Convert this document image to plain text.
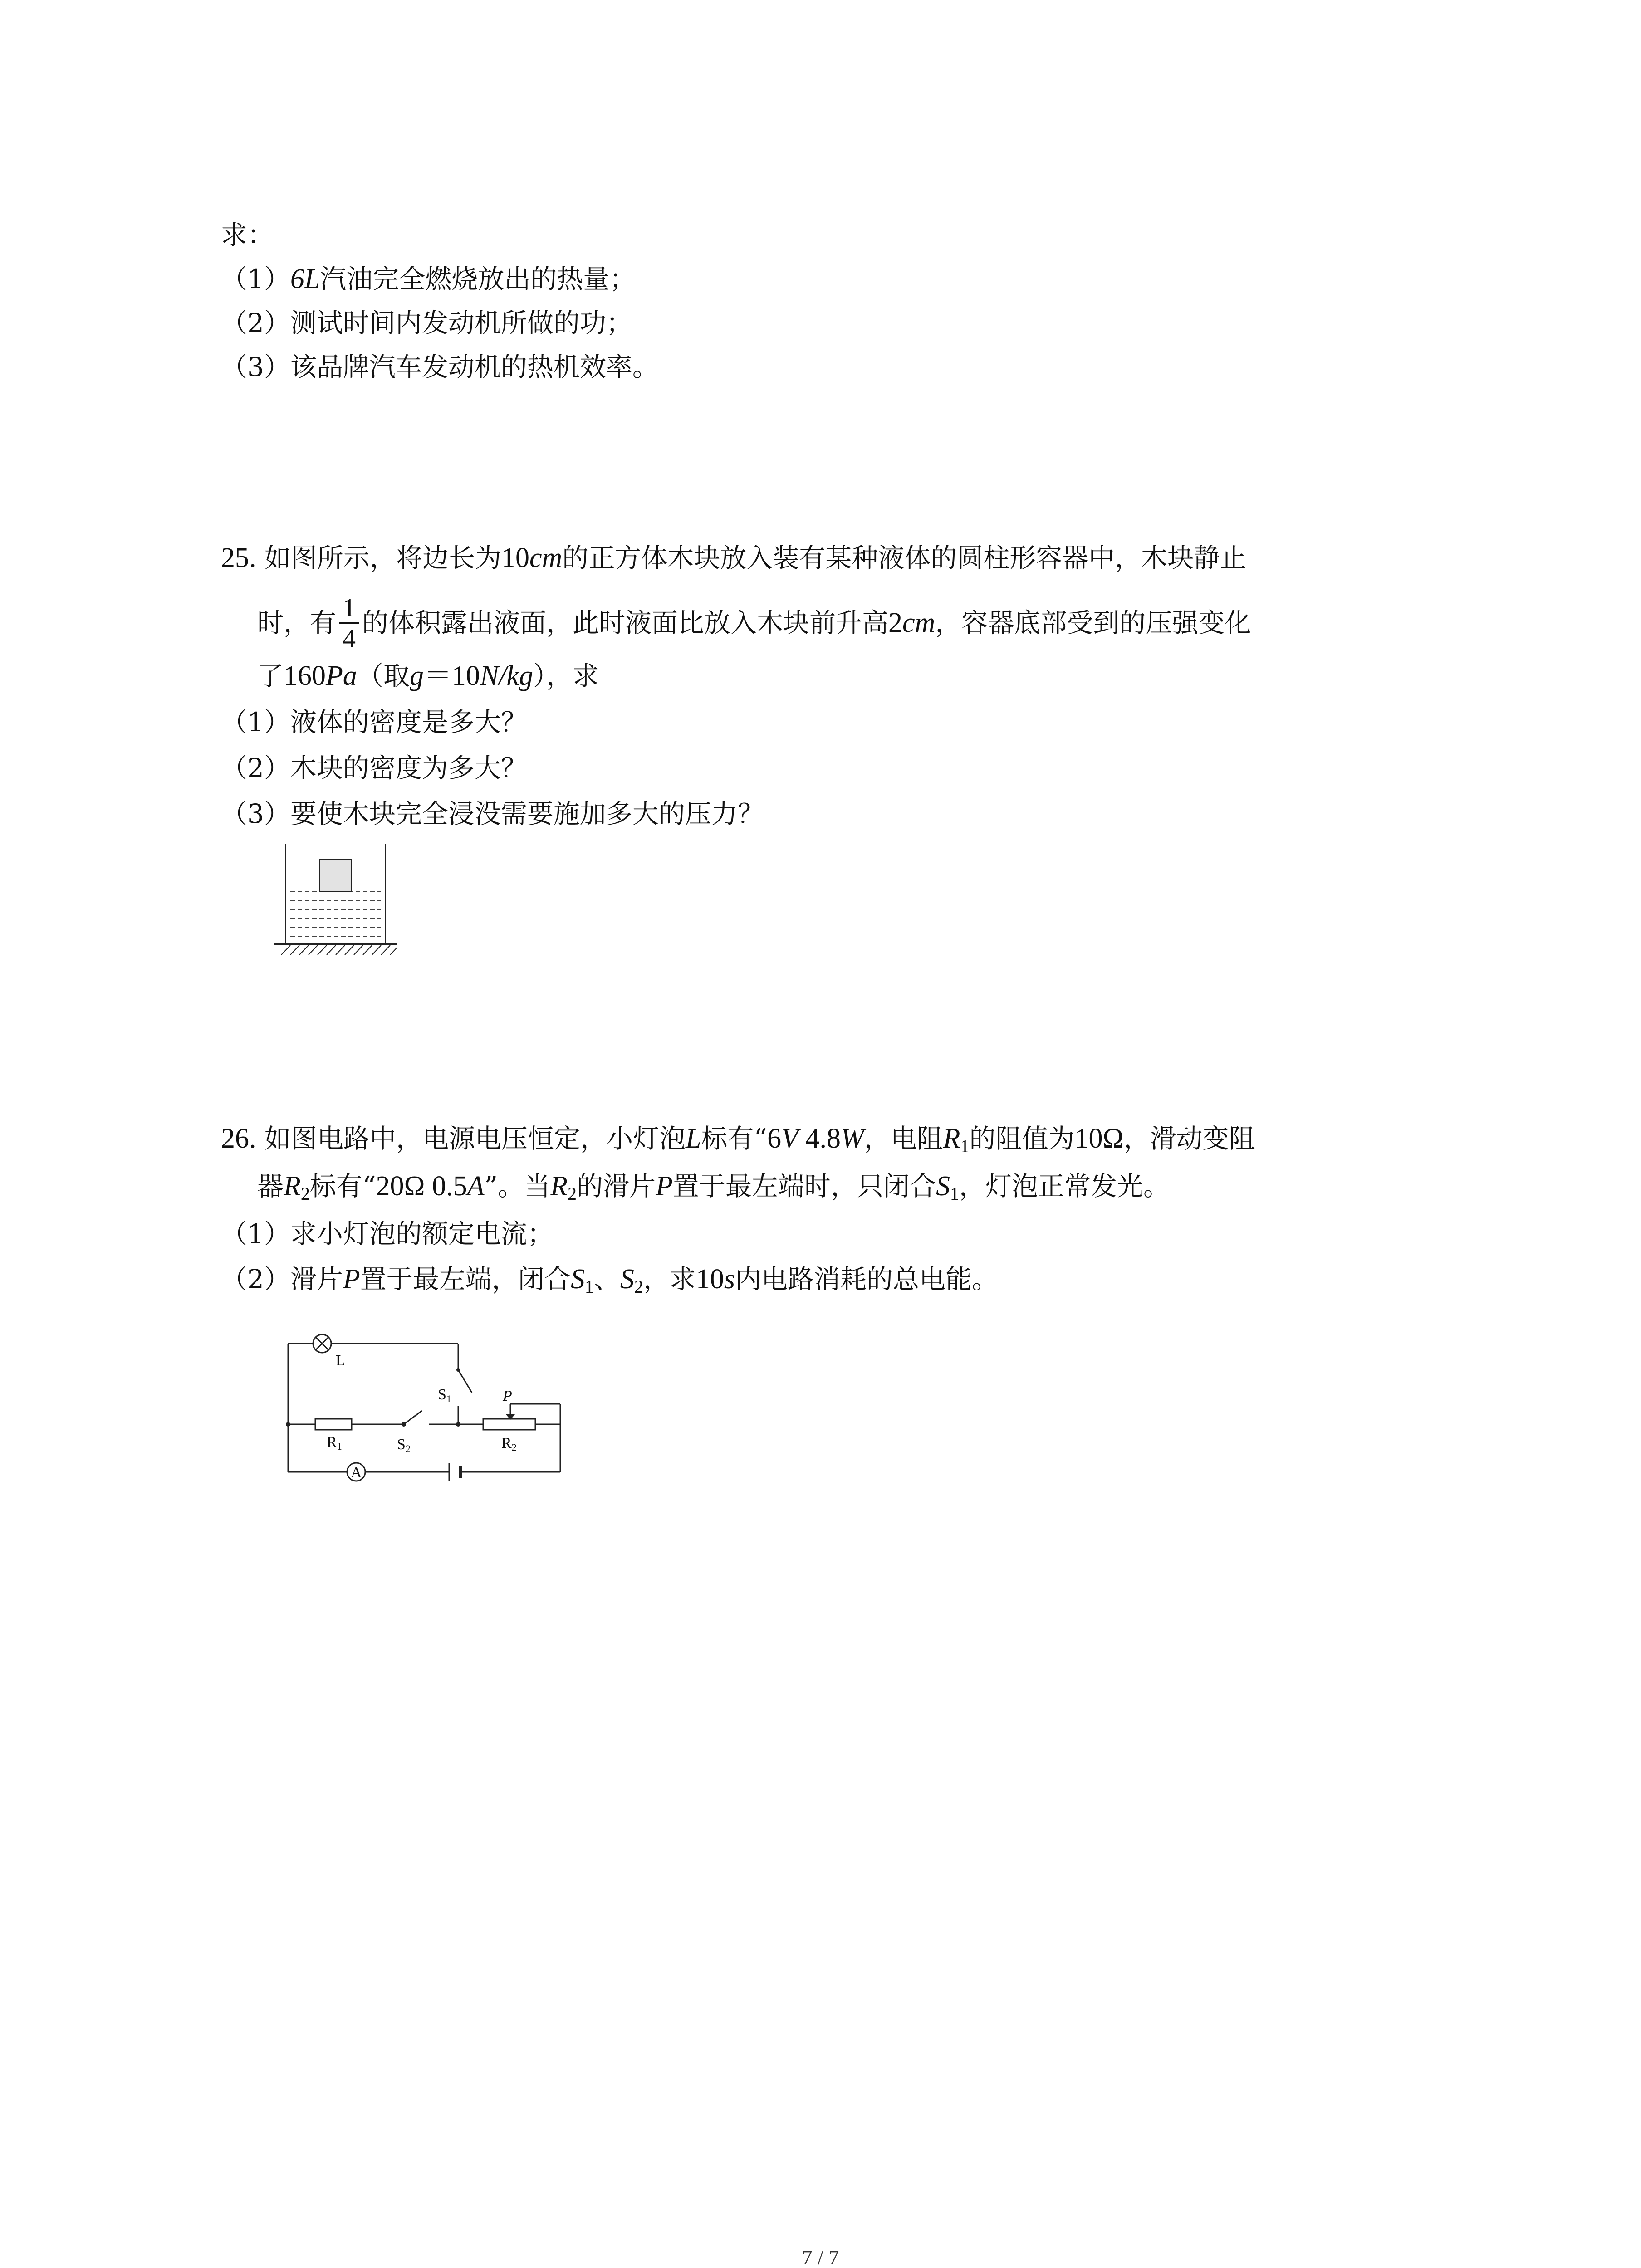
求：
（1）6L汽油完全燃烧放出的热量；
（2）测试时间内发动机所做的功；
（3）该品牌汽车发动机的热机效率。
25. 如图所示，将边长为10cm的正方体木块放入装有某种液体的圆柱形容器中，木块静止
时，有 $\frac{1}{4}$ 的体积露出液面，此时液面比放入木块前升高2cm，容器底部受到的压强变化
了160Pa（取g＝10N/kg），求
（1）液体的密度是多大？
（2）木块的密度为多大？
（3）要使木块完全浸没需要施加多大的压力？
26. 如图电路中，电源电压恒定，小灯泡L标有“6V 4.8W，电阻$R_1$的阻值为10Ω，滑动变阻
器$R_2$标有“20Ω 0.5A”。当$R_2$的滑片P置于最左端时，只闭合$S_1$，灯泡正常发光。
（1）求小灯泡的额定电流；
（2）滑片P置于最左端，闭合$S_1$、$S_2$，求10s内电路消耗的总电能。
L
S1	P
R1	S2	R2
A
7 / 7
